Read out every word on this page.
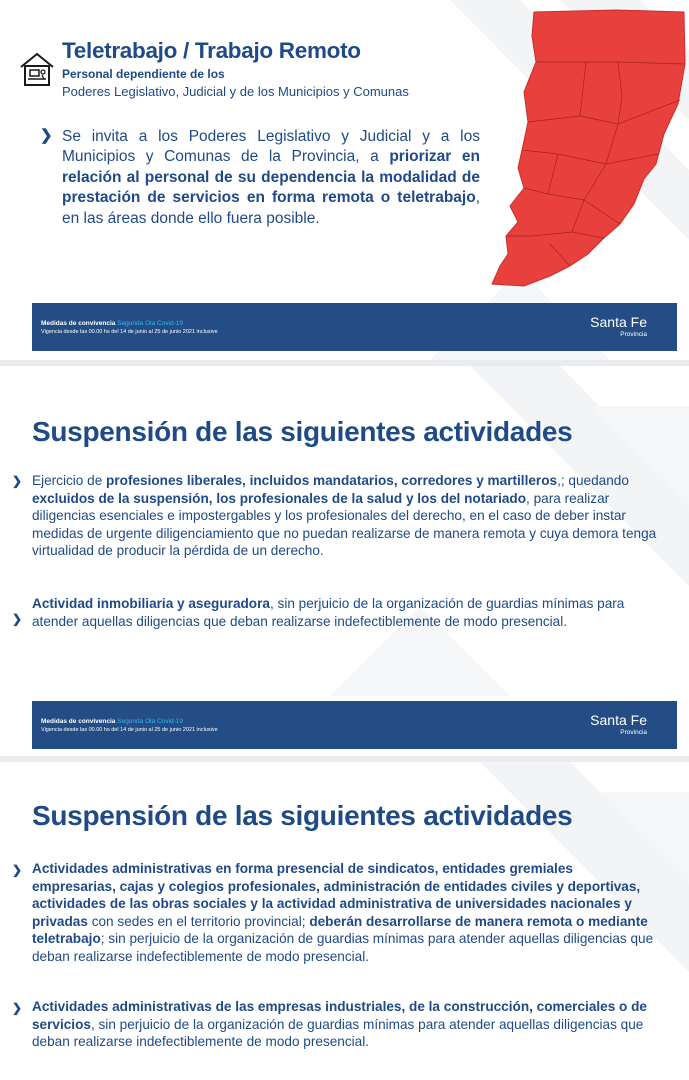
Teletrabajo / Trabajo Remoto
Personal dependiente de los
Poderes Legislativo, Judicial y de los Municipios y Comunas
❯ Se invita a los Poderes Legislativo y Judicial y a los Municipios y Comunas de la Provincia, a priorizar en relación al personal de su dependencia la modalidad de prestación de servicios en forma remota o teletrabajo, en las áreas donde ello fuera posible.
Medidas de convivencia Segunda Ola Covid-19
Vigencia desde las 00.00 hs del 14 de junio al 25 de junio 2021 inclusive
Santa Fe
Provincia
Suspensión de las siguientes actividades
❯ Ejercicio de profesiones liberales, incluidos mandatarios, corredores y martilleros,; quedando excluidos de la suspensión, los profesionales de la salud y los del notariado, para realizar diligencias esenciales e impostergables y los profesionales del derecho, en el caso de deber instar medidas de urgente diligenciamiento que no puedan realizarse de manera remota y cuya demora tenga virtualidad de producir la pérdida de un derecho.
❯
Actividad inmobiliaria y aseguradora, sin perjuicio de la organización de guardias mínimas para atender aquellas diligencias que deban realizarse indefectiblemente de modo presencial.
Medidas de convivencia Segunda Ola Covid-19
Vigencia desde las 00.00 hs del 14 de junio al 25 de junio 2021 inclusive
Santa Fe
Provincia
Suspensión de las siguientes actividades
❯ Actividades administrativas en forma presencial de sindicatos, entidades gremiales empresarias, cajas y colegios profesionales, administración de entidades civiles y deportivas, actividades de las obras sociales y la actividad administrativa de universidades nacionales y privadas con sedes en el territorio provincial; deberán desarrollarse de manera remota o mediante teletrabajo; sin perjuicio de la organización de guardias mínimas para atender aquellas diligencias que deban realizarse indefectiblemente de modo presencial.
❯ Actividades administrativas de las empresas industriales, de la construcción, comerciales o de servicios, sin perjuicio de la organización de guardias mínimas para atender aquellas diligencias que deban realizarse indefectiblemente de modo presencial.
